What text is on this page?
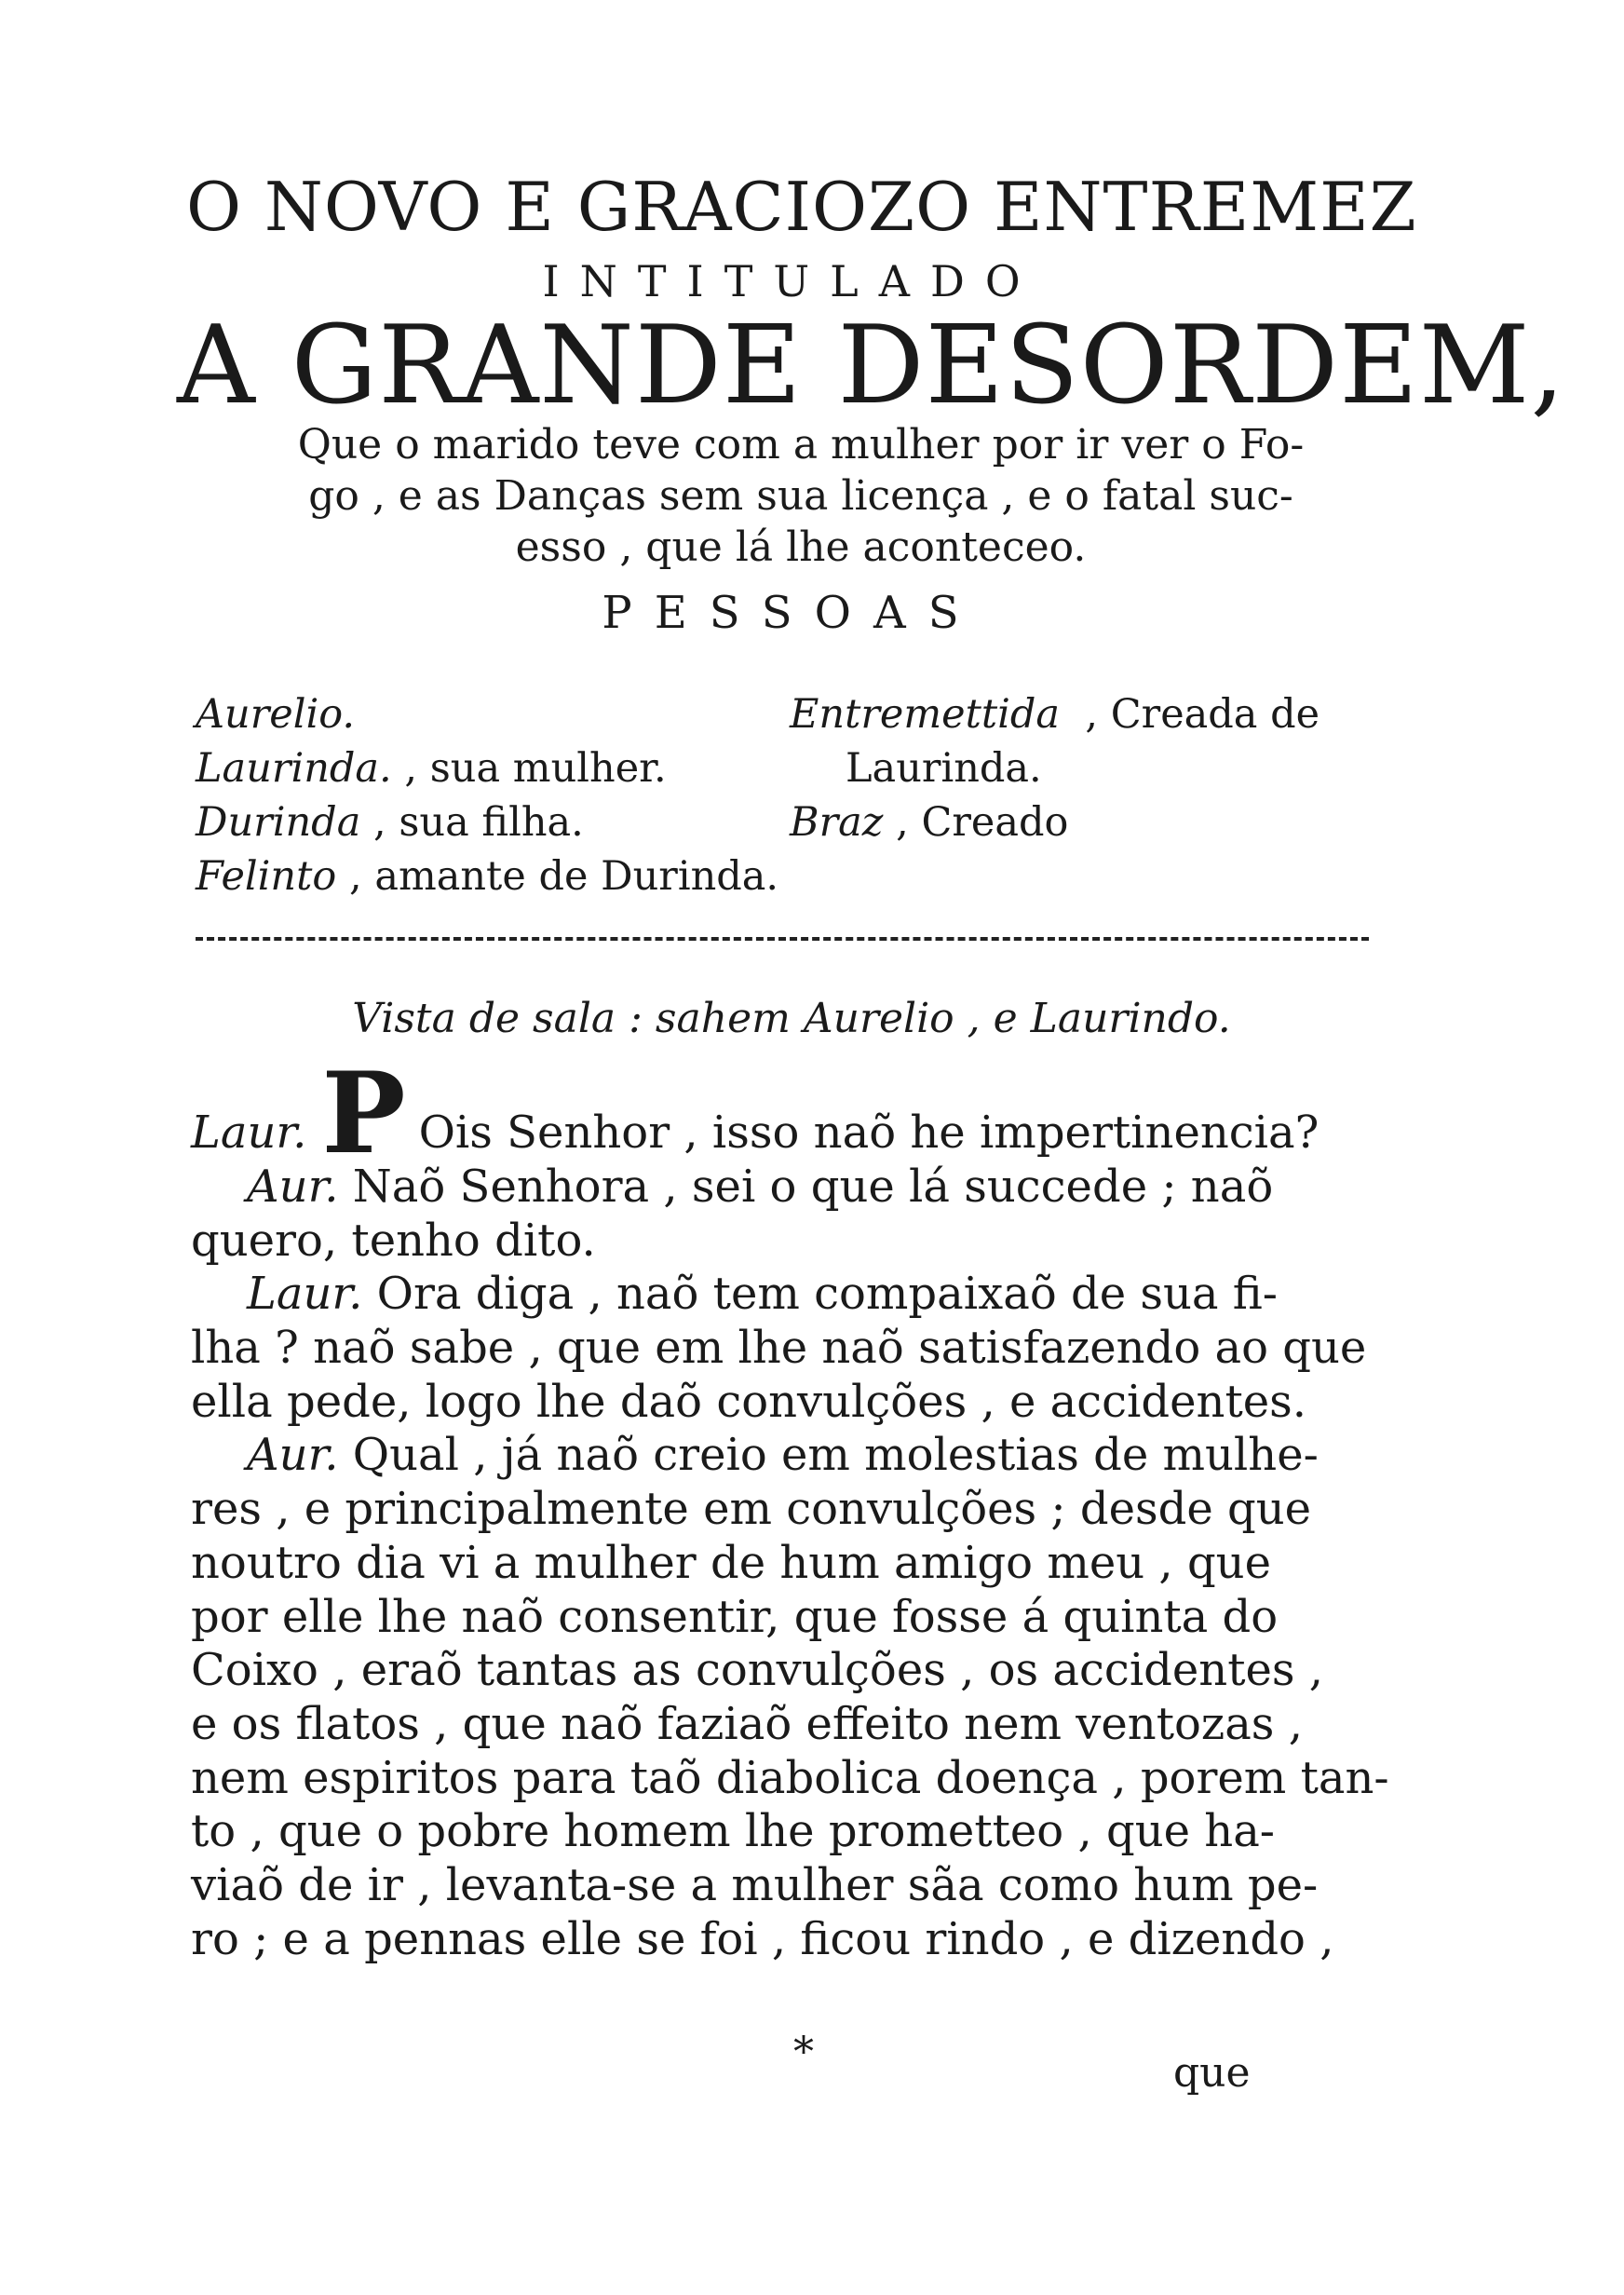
O NOVO E GRACIOZO ENTREMEZ
INTITULADO
A GRANDE DESORDEM,
Que o marido teve com a mulher por ir ver o Fo-
go , e as Danças sem sua licença , e o fatal suc-
esso , que lá lhe aconteceo.
PESSOAS
Aurelio.
Laurinda. , sua mulher.
Durinda , sua filha.
Felinto , amante de Durinda.
Entremettida , Creada de
Laurinda.
Braz , Creado
Vista de sala : sahem Aurelio , e Laurindo.
Laur. P Ois Senhor , isso naõ he impertinencia?
Aur. Naõ Senhora , sei o que lá succede ; naõ
quero, tenho dito.
Laur. Ora diga , naõ tem compaixaõ de sua fi-
lha ? naõ sabe , que em lhe naõ satisfazendo ao que
ella pede, logo lhe daõ convulções , e accidentes.
Aur. Qual , já naõ creio em molestias de mulhe-
res , e principalmente em convulções ; desde que
noutro dia vi a mulher de hum amigo meu , que
por elle lhe naõ consentir, que fosse á quinta do
Coixo , eraõ tantas as convulções , os accidentes ,
e os flatos , que naõ faziaõ effeito nem ventozas ,
nem espiritos para taõ diabolica doença , porem tan-
to , que o pobre homem lhe prometteo , que ha-
viaõ de ir , levanta-se a mulher sãa como hum pe-
ro ; e a pennas elle se foi , ficou rindo , e dizendo ,
*	que
